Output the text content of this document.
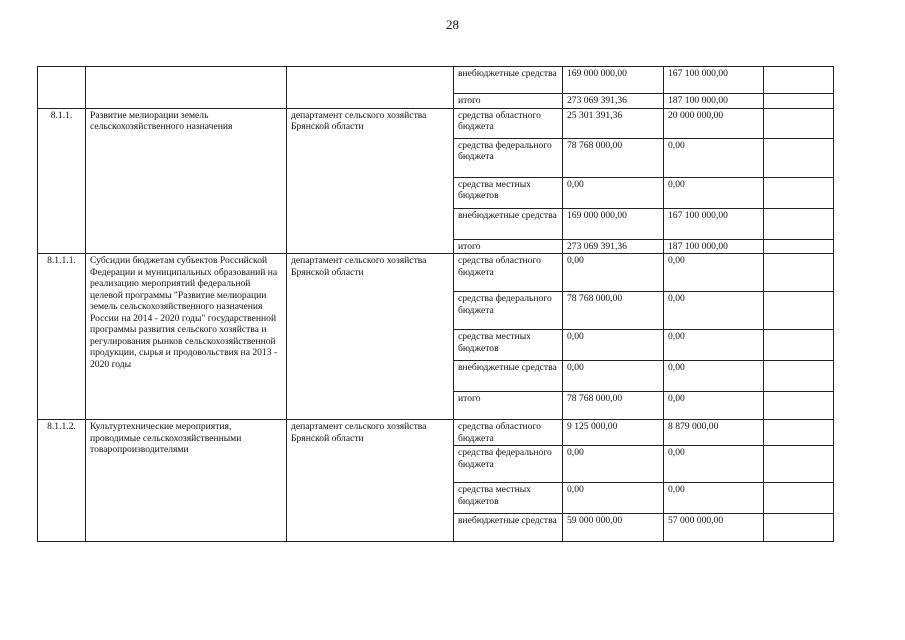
28
			внебюджетные средства	169 000 000,00	167 100 000,00	
			итого	273 069 391,36	187 100 000,00	
8.1.1.	Развитие мелиорации земель сельскохозяйственного назначения	департамент сельского хозяйства Брянской области	средства областного бюджета	25 301 391,36	20 000 000,00	
			средства федерального бюджета	78 768 000,00	0,00	
			средства местных бюджетов	0,00	0,00	
			внебюджетные средства	169 000 000,00	167 100 000,00	
			итого	273 069 391,36	187 100 000,00	
8.1.1.1.	Субсидии бюджетам субъектов Российской Федерации и муниципальных образований на реализацию мероприятий федеральной целевой программы "Развитие мелиорации земель сельскохозяйственного назначения России на 2014 - 2020 годы" государственной программы развития сельского хозяйства и регулирования рынков сельскохозяйственной продукции, сырья и продовольствия на 2013 - 2020 годы	департамент сельского хозяйства Брянской области	средства областного бюджета	0,00	0,00	
			средства федерального бюджета	78 768 000,00	0,00	
			средства местных бюджетов	0,00	0,00	
			внебюджетные средства	0,00	0,00	
			итого	78 768 000,00	0,00	
8.1.1.2.	Культуртехнические мероприятия, проводимые сельскохозяйственными товаропроизводителями	департамент сельского хозяйства Брянской области	средства областного бюджета	9 125 000,00	8 879 000,00	
			средства федерального бюджета	0,00	0,00	
			средства местных бюджетов	0,00	0,00	
			внебюджетные средства	59 000 000,00	57 000 000,00	
